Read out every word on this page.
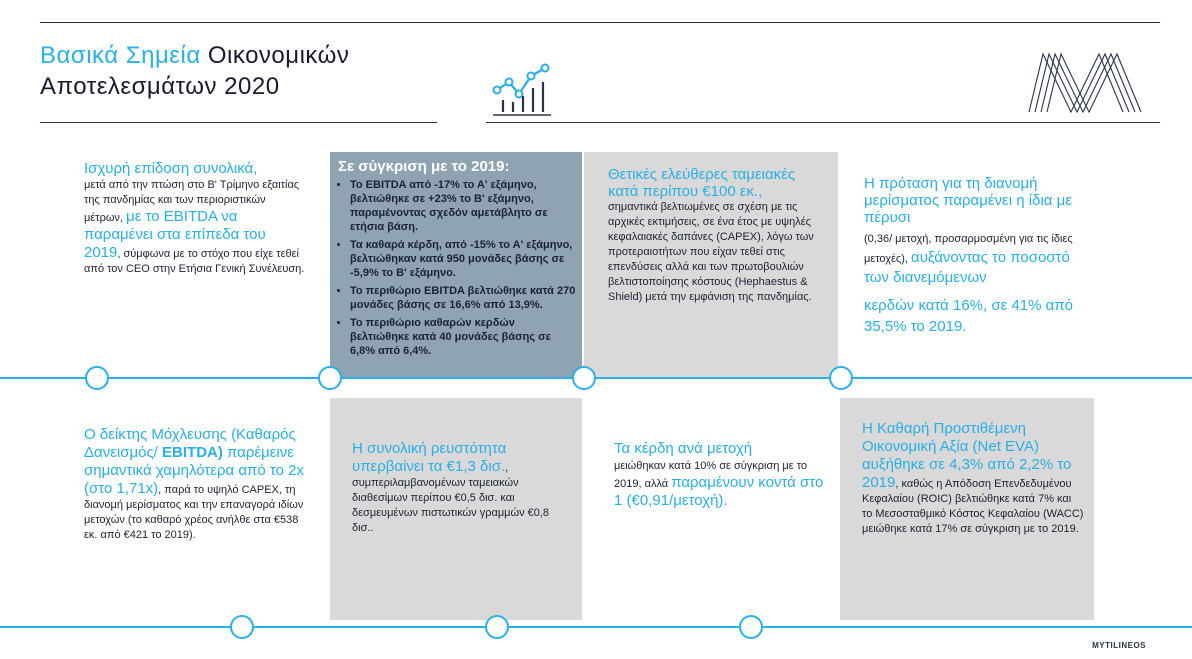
Βασικά Σημεία Οικονομικών
Αποτελεσμάτων 2020

Ισχυρή επίδοση συνολικά,
μετά από την πτώση στο Β' Τρίμηνο εξαιτίας της πανδημίας και των περιοριστικών μέτρων, με το EBITDA να παραμένει στα επίπεδα του 2019, σύμφωνα με το στόχο που είχε τεθεί από τον CEO στην Ετήσια Γενική Συνέλευση.

Σε σύγκριση με το 2019:

• Το EBITDA από -17% το Α' εξάμηνο, βελτιώθηκε σε +23% το Β' εξάμηνο, παραμένοντας σχεδόν αμετάβλητο σε ετήσια βάση.
• Τα καθαρά κέρδη, από -15% το Α' εξάμηνο, βελτιώθηκαν κατά 950 μονάδες βάσης σε -5,9% το Β' εξάμηνο.
• Το περιθώριο EBITDA βελτιώθηκε κατά 270 μονάδες βάσης σε 16,6% από 13,9%.
• Το περιθώριο καθαρών κερδών βελτιώθηκε κατά 40 μονάδες βάσης σε 6,8% από 6,4%.

Θετικές ελεύθερες ταμειακές κατά περίπου €100 εκ.,

σημαντικά βελτιωμένες σε σχέση με τις αρχικές εκτιμήσεις, σε ένα έτος με υψηλές κεφαλαιακές δαπάνες (CAPEX), λόγω των προτεραιοτήτων που είχαν τεθεί στις επενδύσεις αλλά και των πρωτοβουλιών βελτιστοποίησης κόστους (Hephaestus & Shield) μετά την εμφάνιση της πανδημίας.

Η πρόταση για τη διανομή μερίσματος παραμένει η ίδια με πέρυσι

(0,36/ μετοχή, προσαρμοσμένη για τις ίδιες μετοχές), αυξάνοντας το ποσοστό των διανεμόμενων

κερδών κατά 16%, σε 41% από 35,5% το 2019.

Ο δείκτης Μόχλευσης (Καθαρός Δανεισμός/ EBITDA) παρέμεινε σημαντικά χαμηλότερα από το 2x (στο 1,71x), παρά το υψηλό CAPEX, τη διανομή μερίσματος και την επαναγορά ιδίων μετοχών (το καθαρό χρέος ανήλθε στα €538 εκ. από €421 το 2019).

Η συνολική ρευστότητα υπερβαίνει τα €1,3 δισ., συμπεριλαμβανομένων ταμειακών διαθεσίμων περίπου €0,5 δισ. και δεσμευμένων πιστωτικών γραμμών €0,8 δισ..

Τα κέρδη ανά μετοχή

μειώθηκαν κατά 10% σε σύγκριση με το 2019, αλλά παραμένουν κοντά στο 1 (€0,91/μετοχή).

Η Καθαρή Προστιθέμενη Οικονομική Αξία (Net EVA) αυξήθηκε σε 4,3% από 2,2% το 2019, καθώς η Απόδοση Επενδεδυμένου Κεφαλαίου (ROIC) βελτιώθηκε κατά 7% και το Μεσοσταθμικό Κόστος Κεφαλαίου (WACC) μειώθηκε κατά 17% σε σύγκριση με το 2019.

MYTILINEOS
